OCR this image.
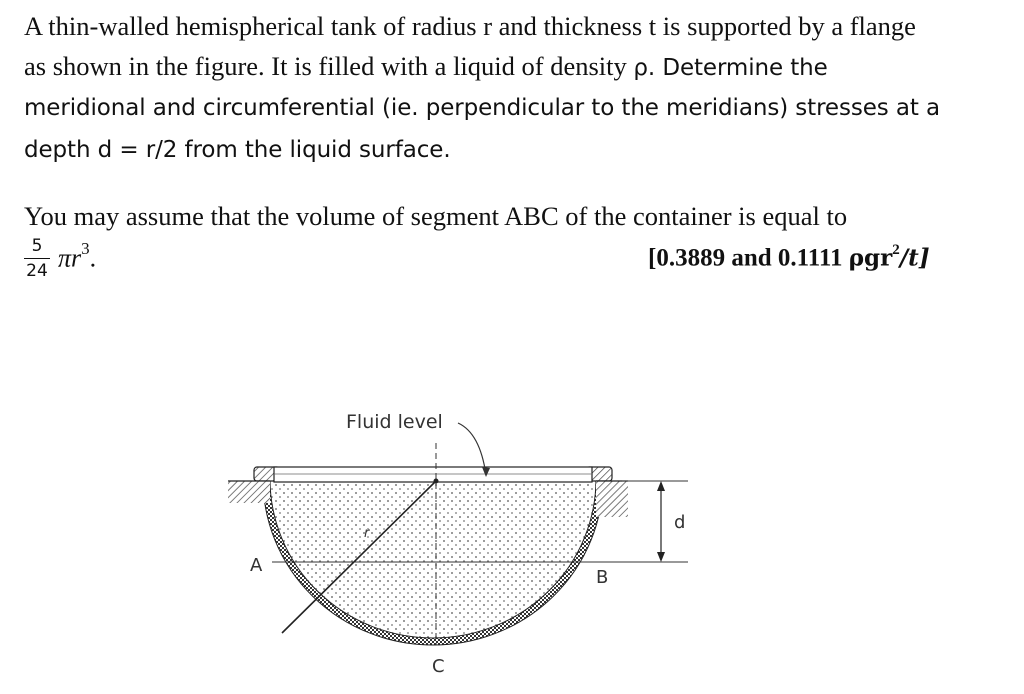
A thin-walled hemispherical tank of radius r and thickness t is supported by a flange
as shown in the figure. It is filled with a liquid of density ρ. Determine the
meridional and circumferential (ie. perpendicular to the meridians) stresses at a
depth d = r/2 from the liquid surface.
You may assume that the volume of segment ABC of the container is equal to
5
24 $\pi r^3$.	[0.3889 and 0.1111 ρgr$^2$/t]
Fluid level
A
B
C
d
r
